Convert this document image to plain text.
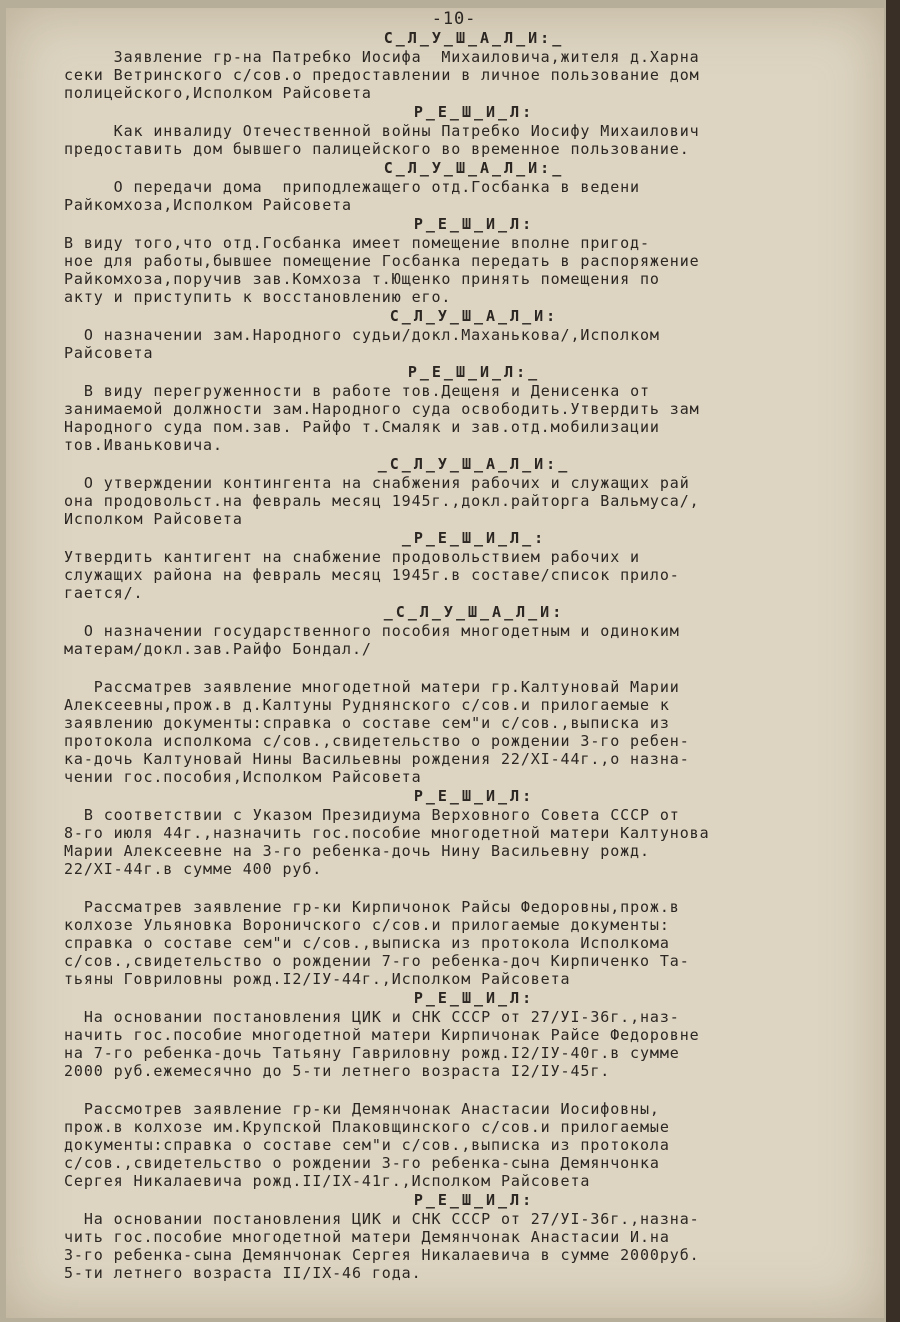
-10-
С_Л_У_Ш_А_Л_И:_
Заявление гр-на Патребко Иосифа  Михаиловича,жителя д.Харна
секи Ветринского с/сов.о предоставлении в личное пользование дом
полицейского,Исполком Райсовета
Р_Е_Ш_И_Л:
Как инвалиду Отечественной войны Патребко Иосифу Михаилович
предоставить дом бывшего палицейского во временное пользование.
С_Л_У_Ш_А_Л_И:_
О передачи дома  приподлежащего отд.Госбанка в ведени
Райкомхоза,Исполком Райсовета
Р_Е_Ш_И_Л:
В виду того,что отд.Госбанка имеет помещение вполне пригод-
ное для работы,бывшее помещение Госбанка передать в распоряжение
Райкомхоза,поручив зав.Комхоза т.Ющенко принять помещения по
акту и приступить к восстановлению его.
С_Л_У_Ш_А_Л_И:
О назначении зам.Народного судьи/докл.Маханькова/,Исполком
Райсовета
Р_Е_Ш_И_Л:_
В виду перегруженности в работе тов.Дещеня и Денисенка от
занимаемой должности зам.Народного суда освободить.Утвердить зам
Народного суда пом.зав. Райфо т.Смаляк и зав.отд.мобилизации
тов.Иваньковича.
_С_Л_У_Ш_А_Л_И:_
О утверждении контингента на снабжения рабочих и служащих рай
она продовольст.на февраль месяц 1945г.,докл.райторга Вальмуса/,
Исполком Райсовета
_Р_Е_Ш_И_Л_:
Утвердить кантигент на снабжение продовольствием рабочих и
служащих района на февраль месяц 1945г.в составе/список прило-
гается/.
_С_Л_У_Ш_А_Л_И:
О назначении государственного пособия многодетным и одиноким
матерам/докл.зав.Райфо Бондал./
Рассматрев заявление многодетной матери гр.Калтуновай Марии
Алексеевны,прож.в д.Калтуны Руднянского с/сов.и прилогаемые к
заявлению документы:справка о составе сем"и с/сов.,выписка из
протокола исполкома с/сов.,свидетельство о рождении 3-го ребен-
ка-дочь Калтуновай Нины Васильевны рождения 22/XI-44г.,о назна-
чении гос.пособия,Исполком Райсовета
Р_Е_Ш_И_Л:
В соответствии с Указом Президиума Верховного Совета СССР от
8-го июля 44г.,назначить гос.пособие многодетной матери Калтунова
Марии Алексеевне на 3-го ребенка-дочь Нину Васильевну рожд.
22/XI-44г.в сумме 400 руб.
Рассматрев заявление гр-ки Кирпичонок Райсы Федоровны,прож.в
колхозе Ульяновка Вороничского с/сов.и прилогаемые документы:
справка о составе сем"и с/сов.,выписка из протокола Исполкома
с/сов.,свидетельство о рождении 7-го ребенка-доч Кирпиченко Та-
тьяны Говриловны рожд.I2/IУ-44г.,Исполком Райсовета
Р_Е_Ш_И_Л:
На основании постановления ЦИК и СНК СССР от 27/УI-36г.,наз-
начить гос.пособие многодетной матери Кирпичонак Райсе Федоровне
на 7-го ребенка-дочь Татьяну Гавриловну рожд.I2/IУ-40г.в сумме
2000 руб.ежемесячно до 5-ти летнего возраста I2/IУ-45г.
Рассмотрев заявление гр-ки Демянчонак Анастасии Иосифовны,
прож.в колхозе им.Крупской Плаковщинского с/сов.и прилогаемые
документы:справка о составе сем"и с/сов.,выписка из протокола
с/сов.,свидетельство о рождении 3-го ребенка-сына Демянчонка
Сергея Никалаевича рожд.II/IХ-41г.,Исполком Райсовета
Р_Е_Ш_И_Л:
На основании постановления ЦИК и СНК СССР от 27/УI-36г.,назна-
чить гос.пособие многодетной матери Демянчонак Анастасии И.на
3-го ребенка-сына Демянчонак Сергея Никалаевича в сумме 2000руб.
5-ти летнего возраста II/IХ-46 года.
